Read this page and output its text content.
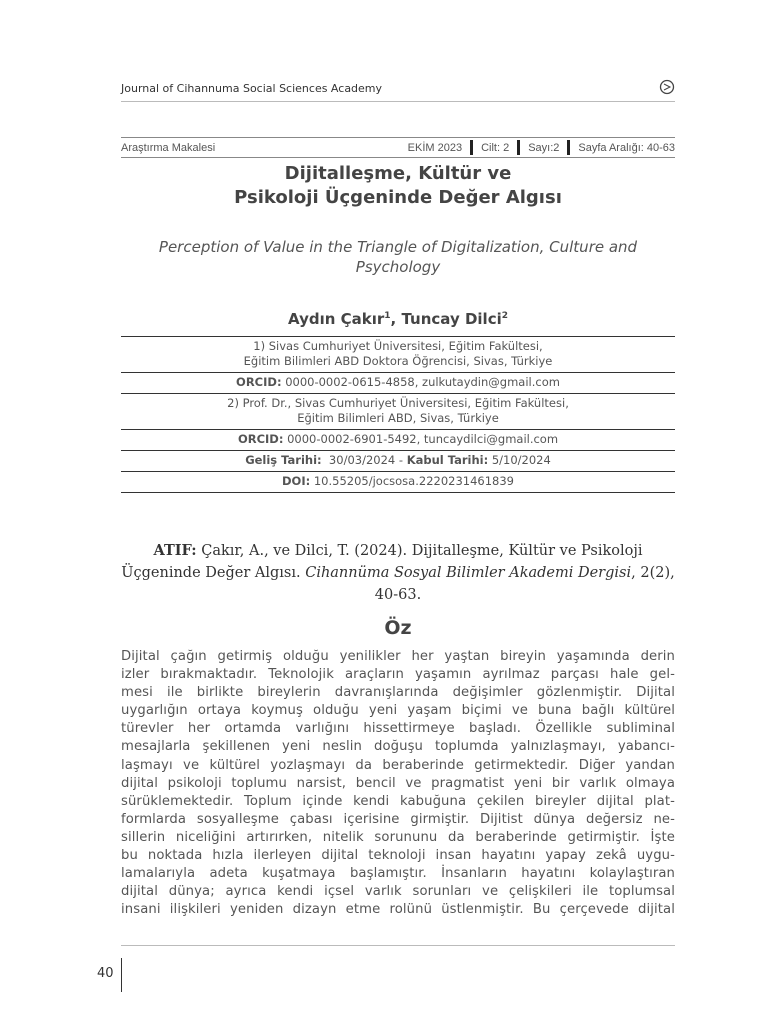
Journal of Cihannuma Social Sciences Academy
Araştırma Makalesi	EKİM 2023 Cilt: 2 Sayı:2 Sayfa Aralığı: 40-63
Dijitalleşme, Kültür ve
Psikoloji Üçgeninde Değer Algısı
Perception of Value in the Triangle of Digitalization, Culture and Psychology
Aydın Çakır$^1$, Tuncay Dilci$^2$
1) Sivas Cumhuriyet Üniversitesi, Eğitim Fakültesi,
Eğitim Bilimleri ABD Doktora Öğrencisi, Sivas, Türkiye

ORCID: 0000-0002-0615-4858, zulkutaydin@gmail.com

2) Prof. Dr., Sivas Cumhuriyet Üniversitesi, Eğitim Fakültesi,
Eğitim Bilimleri ABD, Sivas, Türkiye

ORCID: 0000-0002-6901-5492, tuncaydilci@gmail.com
Geliş Tarihi:  30/03/2024 - Kabul Tarihi: 5/10/2024
DOI: 10.55205/jocsosa.2220231461839
ATIF: Çakır, A., ve Dilci, T. (2024). Dijitalleşme, Kültür ve Psikoloji
Üçgeninde Değer Algısı. Cihannüma Sosyal Bilimler Akademi Dergisi, 2(2), 40-63.
Öz
Dijital çağın getirmiş olduğu yenilikler her yaştan bireyin yaşamında derin
izler bırakmaktadır. Teknolojik araçların yaşamın ayrılmaz parçası hale gel-
mesi ile birlikte bireylerin davranışlarında değişimler gözlenmiştir. Dijital
uygarlığın ortaya koymuş olduğu yeni yaşam biçimi ve buna bağlı kültürel
türevler her ortamda varlığını hissettirmeye başladı. Özellikle subliminal
mesajlarla şekillenen yeni neslin doğuşu toplumda yalnızlaşmayı, yabancı-
laşmayı ve kültürel yozlaşmayı da beraberinde getirmektedir. Diğer yandan
dijital psikoloji toplumu narsist, bencil ve pragmatist yeni bir varlık olmaya
sürüklemektedir. Toplum içinde kendi kabuğuna çekilen bireyler dijital plat-
formlarda sosyalleşme çabası içerisine girmiştir. Dijitist dünya değersiz ne-
sillerin niceliğini artırırken, nitelik sorununu da beraberinde getirmiştir. İşte
bu noktada hızla ilerleyen dijital teknoloji insan hayatını yapay zekâ uygu-
lamalarıyla adeta kuşatmaya başlamıştır. İnsanların hayatını kolaylaştıran
dijital dünya; ayrıca kendi içsel varlık sorunları ve çelişkileri ile toplumsal
insani ilişkileri yeniden dizayn etme rolünü üstlenmiştir. Bu çerçevede dijital
40
